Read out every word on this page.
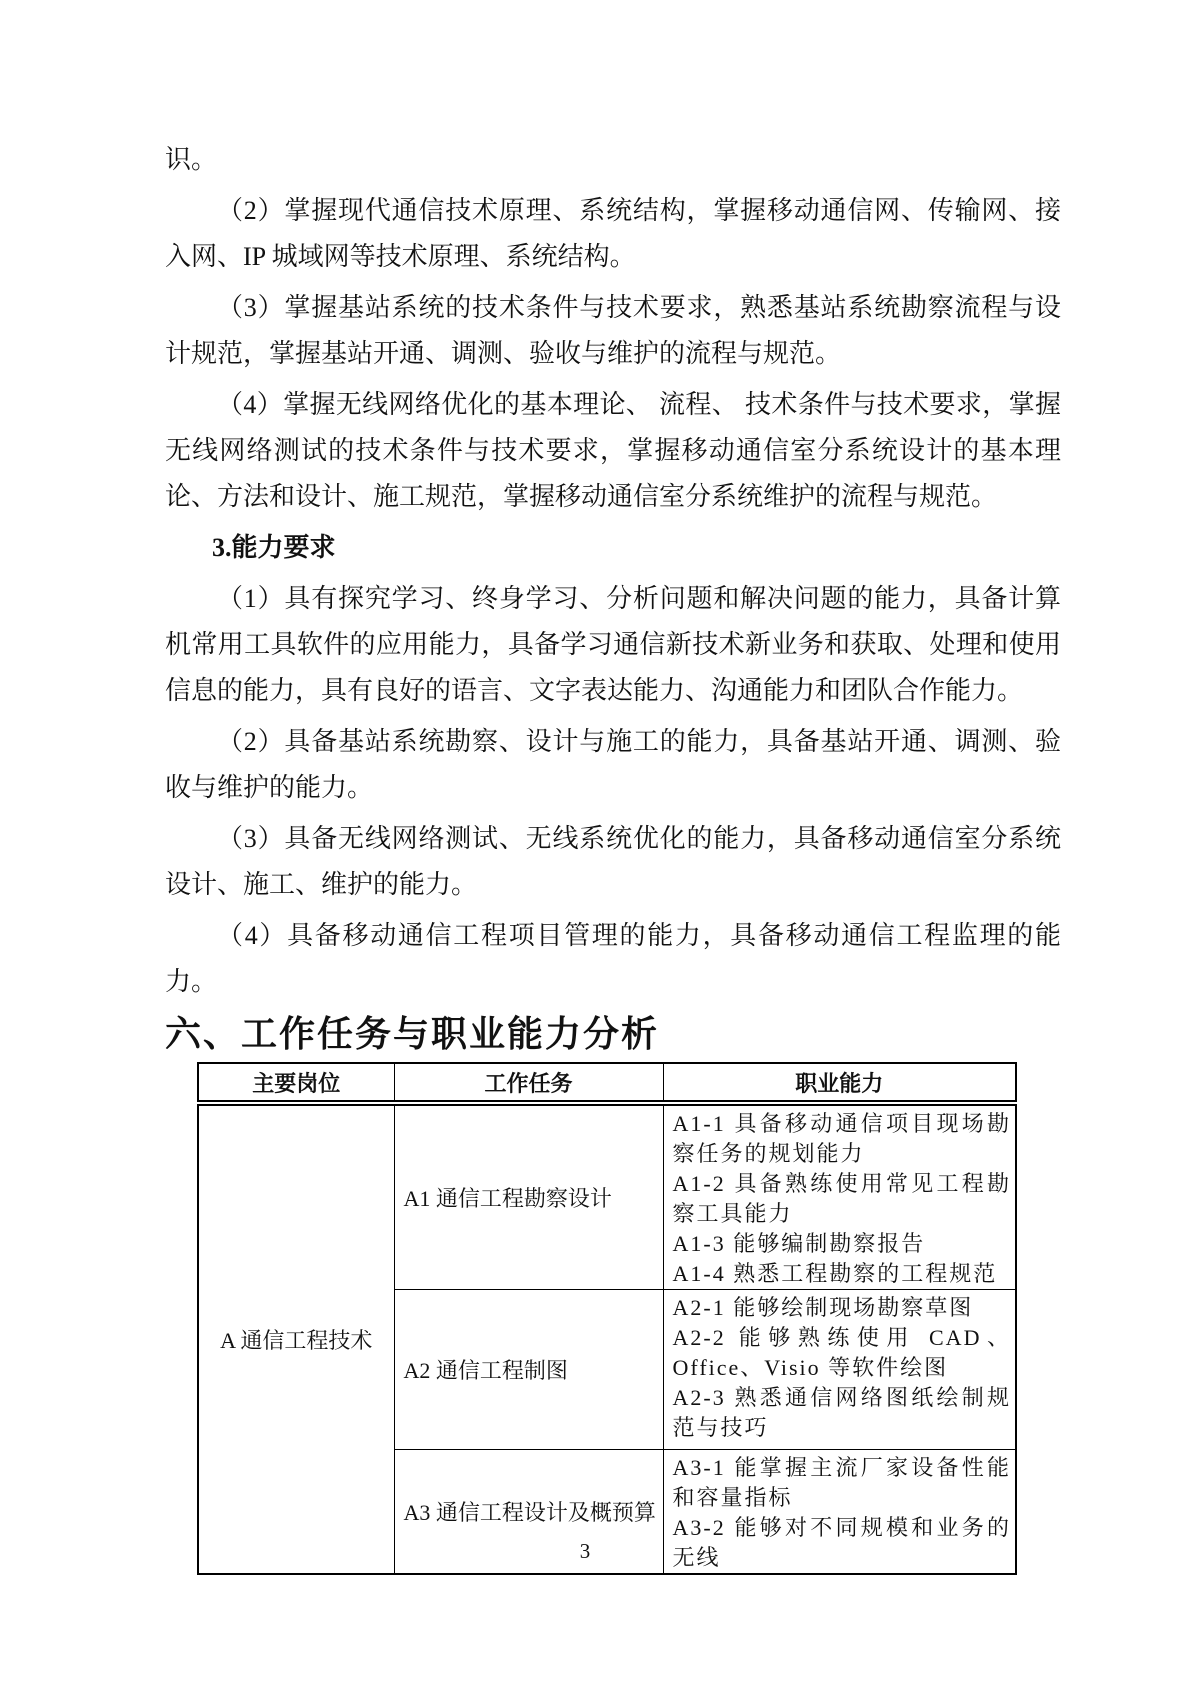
识。

（2）掌握现代通信技术原理、系统结构，掌握移动通信网、传输网、接入网、IP 城域网等技术原理、系统结构。

（3）掌握基站系统的技术条件与技术要求，熟悉基站系统勘察流程与设计规范，掌握基站开通、调测、验收与维护的流程与规范。

（4）掌握无线网络优化的基本理论、 流程、 技术条件与技术要求，掌握无线网络测试的技术条件与技术要求，掌握移动通信室分系统设计的基本理论、方法和设计、施工规范，掌握移动通信室分系统维护的流程与规范。

3.能力要求

（1）具有探究学习、终身学习、分析问题和解决问题的能力，具备计算机常用工具软件的应用能力，具备学习通信新技术新业务和获取、处理和使用信息的能力，具有良好的语言、文字表达能力、沟通能力和团队合作能力。

（2）具备基站系统勘察、设计与施工的能力，具备基站开通、调测、验收与维护的能力。

（3）具备无线网络测试、无线系统优化的能力，具备移动通信室分系统设计、施工、维护的能力。

（4）具备移动通信工程项目管理的能力，具备移动通信工程监理的能力。

六、工作任务与职业能力分析

主要岗位	工作任务	职业能力
A 通信工程技术	A1 通信工程勘察设计	A1-1 具备移动通信项目现场勘察任务的规划能力
A1-2 具备熟练使用常见工程勘察工具能力
A1-3 能够编制勘察报告
A1-4 熟悉工程勘察的工程规范

	A2 通信工程制图	A2-1 能够绘制现场勘察草图
A2-2 能够熟练使用 CAD、Office、Visio 等软件绘图
A2-3 熟悉通信网络图纸绘制规范与技巧

	A3 通信工程设计及概预算	A3-1 能掌握主流厂家设备性能和容量指标
A3-2 能够对不同规模和业务的无线
3
